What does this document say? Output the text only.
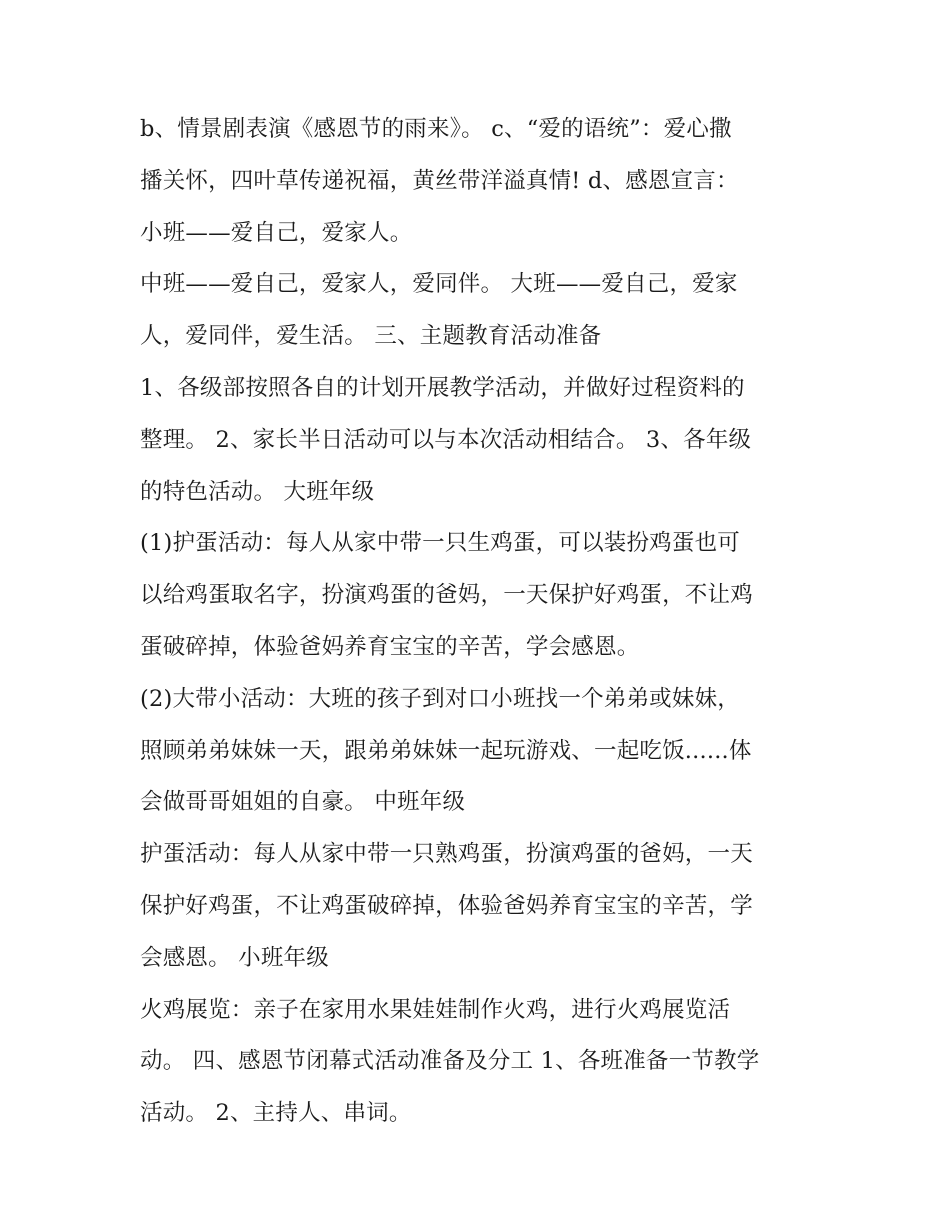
b、情景剧表演《感恩节的雨来》。 c、“爱的语统”：爱心撒
播关怀，四叶草传递祝福，黄丝带洋溢真情! d、感恩宣言：
小班——爱自己，爱家人。
中班——爱自己，爱家人，爱同伴。 大班——爱自己，爱家
人，爱同伴，爱生活。 三、主题教育活动准备
1、各级部按照各自的计划开展教学活动，并做好过程资料的
整理。 2、家长半日活动可以与本次活动相结合。 3、各年级
的特色活动。 大班年级
(1)护蛋活动：每人从家中带一只生鸡蛋，可以装扮鸡蛋也可
以给鸡蛋取名字，扮演鸡蛋的爸妈，一天保护好鸡蛋，不让鸡
蛋破碎掉，体验爸妈养育宝宝的辛苦，学会感恩。
(2)大带小活动：大班的孩子到对口小班找一个弟弟或妹妹，
照顾弟弟妹妹一天，跟弟弟妹妹一起玩游戏、一起吃饭......体
会做哥哥姐姐的自豪。 中班年级
护蛋活动：每人从家中带一只熟鸡蛋，扮演鸡蛋的爸妈，一天
保护好鸡蛋，不让鸡蛋破碎掉，体验爸妈养育宝宝的辛苦，学
会感恩。 小班年级
火鸡展览：亲子在家用水果娃娃制作火鸡，进行火鸡展览活
动。 四、感恩节闭幕式活动准备及分工 1、各班准备一节教学
活动。 2、主持人、串词。
